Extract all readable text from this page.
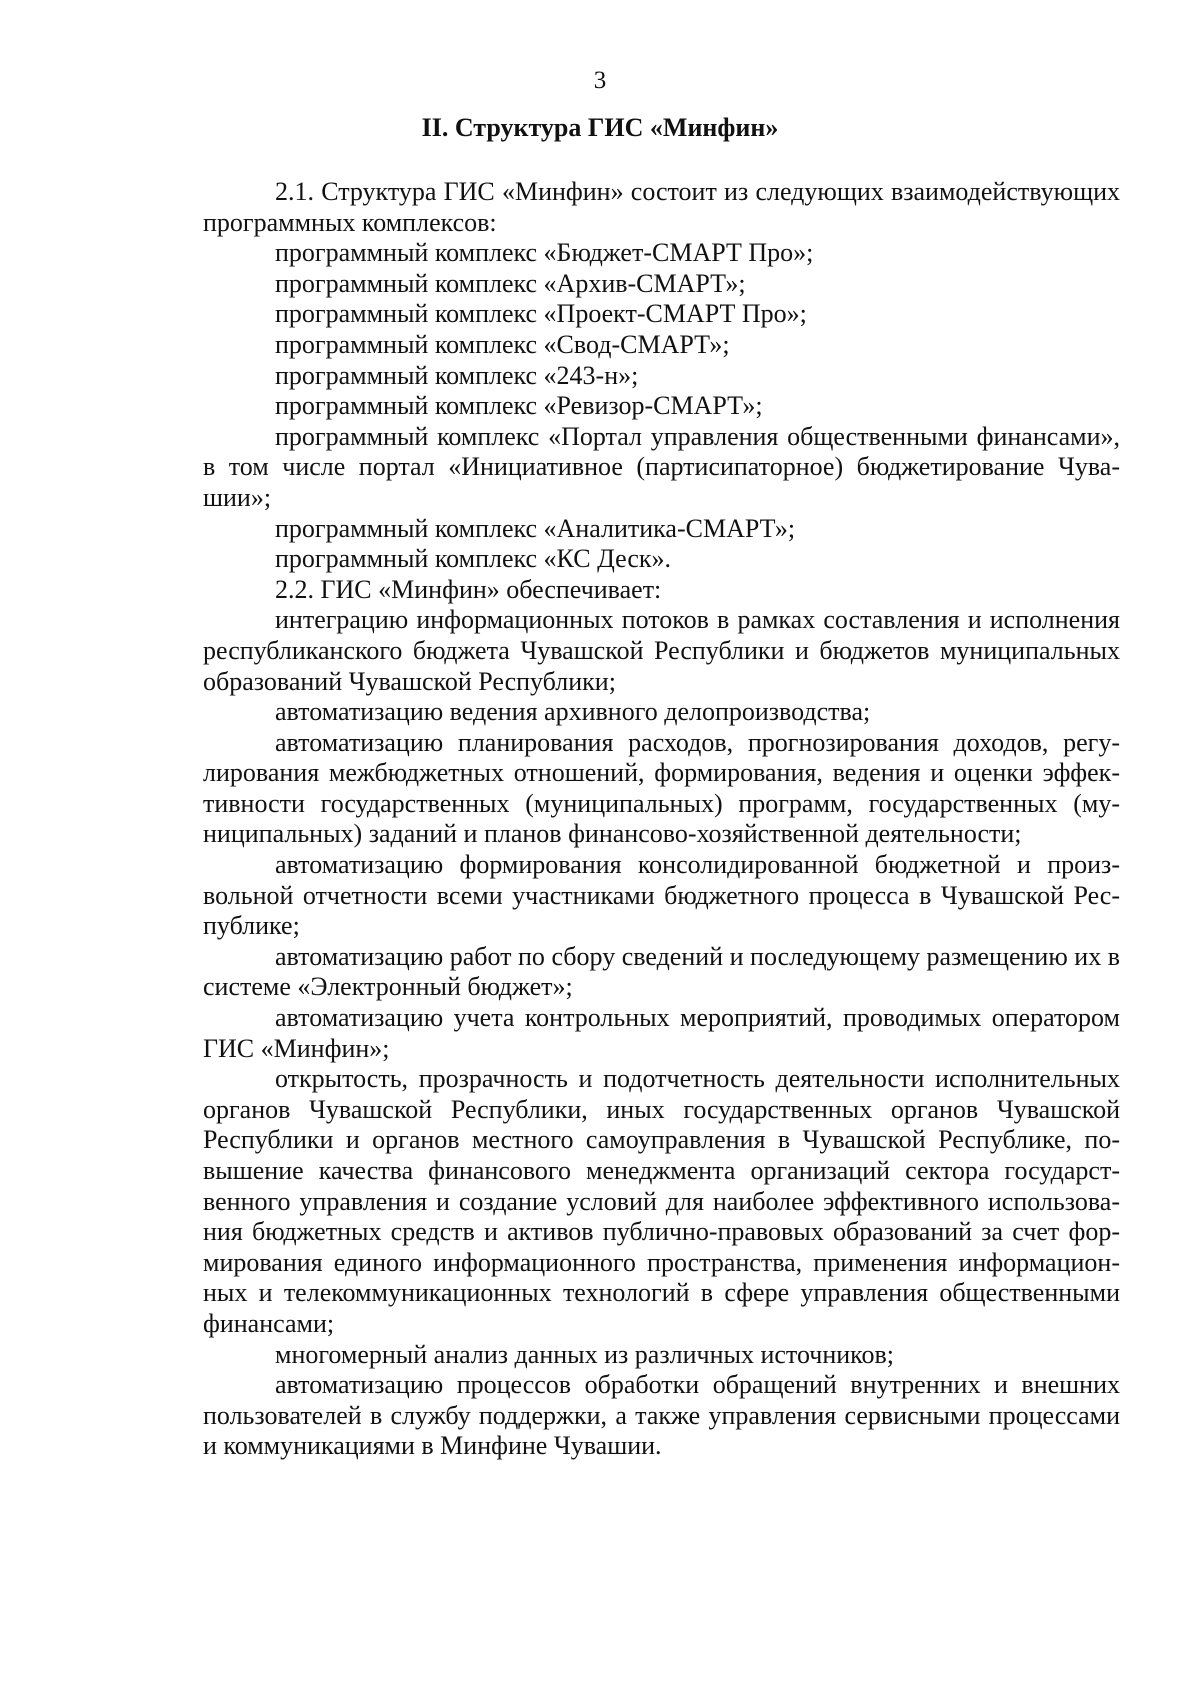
3
II. Структура ГИС «Минфин»

2.1. Структура ГИС «Минфин» состоит из следующих взаимодействующих программных комплексов:

программный комплекс «Бюджет-СМАРТ Про»;

программный комплекс «Архив-СМАРТ»;

программный комплекс «Проект-СМАРТ Про»;

программный комплекс «Свод-СМАРТ»;

программный комплекс «243-н»;

программный комплекс «Ревизор-СМАРТ»;

программный комплекс «Портал управления общественными финансами», в том числе портал «Инициативное (партисипаторное) бюджетирование Чувашии»;

программный комплекс «Аналитика-СМАРТ»;

программный комплекс «КС Деск».

2.2. ГИС «Минфин» обеспечивает:

интеграцию информационных потоков в рамках составления и исполнения республиканского бюджета Чувашской Республики и бюджетов муниципальных образований Чувашской Республики;

автоматизацию ведения архивного делопроизводства;

автоматизацию планирования расходов, прогнозирования доходов, регулирования межбюджетных отношений, формирования, ведения и оценки эффективности государственных (муниципальных) программ, государственных (муниципальных) заданий и планов финансово-хозяйственной деятельности;

автоматизацию формирования консолидированной бюджетной и произвольной отчетности всеми участниками бюджетного процесса в Чувашской Республике;

автоматизацию работ по сбору сведений и последующему размещению их в системе «Электронный бюджет»;

автоматизацию учета контрольных мероприятий, проводимых оператором ГИС «Минфин»;

открытость, прозрачность и подотчетность деятельности исполнительных органов Чувашской Республики, иных государственных органов Чувашской Республики и органов местного самоуправления в Чувашской Республике, повышение качества финансового менеджмента организаций сектора государственного управления и создание условий для наиболее эффективного использования бюджетных средств и активов публично-правовых образований за счет формирования единого информационного пространства, применения информационных и телекоммуникационных технологий в сфере управления общественными финансами;

многомерный анализ данных из различных источников;

автоматизацию процессов обработки обращений внутренних и внешних пользователей в службу поддержки, а также управления сервисными процессами и коммуникациями в Минфине Чувашии.
